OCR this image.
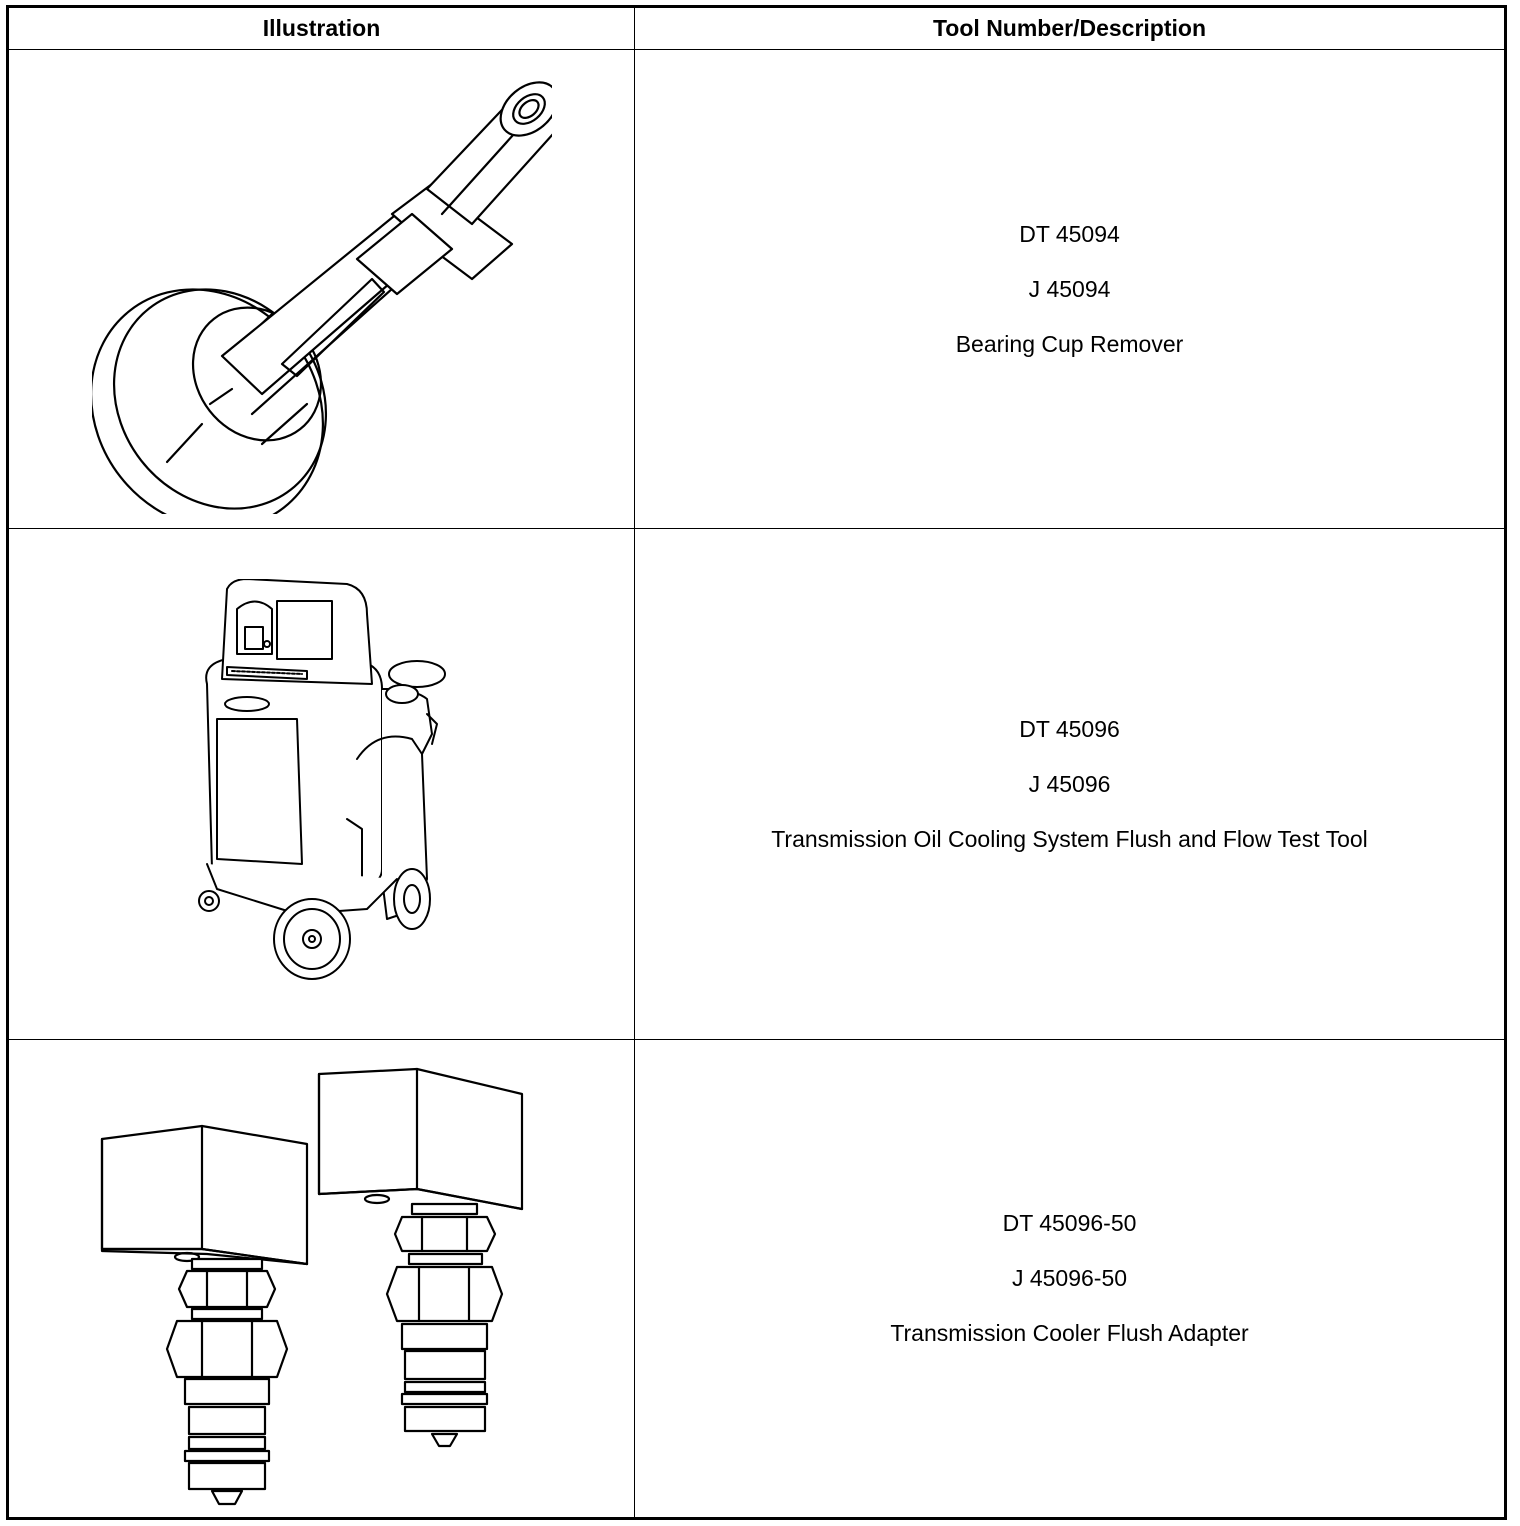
Illustration	Tool Number/Description

DT 45094
J 45094
Bearing Cup Remover

DT 45096
J 45096
Transmission Oil Cooling System Flush and Flow Test Tool

DT 45096-50
J 45096-50
Transmission Cooler Flush Adapter
